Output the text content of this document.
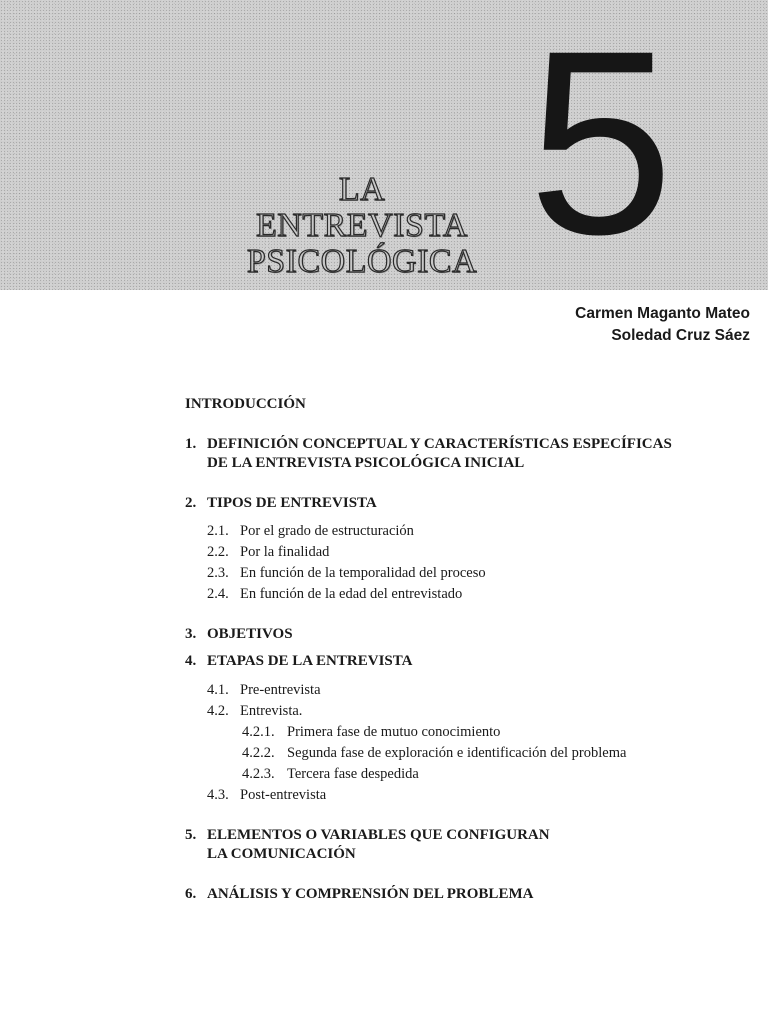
LA ENTREVISTA
PSICOLÓGICA 5
Carmen Maganto Mateo
Soledad Cruz Sáez
INTRODUCCIÓN
1. DEFINICIÓN CONCEPTUAL Y CARACTERÍSTICAS ESPECÍFICAS
DE LA ENTREVISTA PSICOLÓGICA INICIAL
2. TIPOS DE ENTREVISTA
2.1. Por el grado de estructuración
2.2. Por la finalidad
2.3. En función de la temporalidad del proceso
2.4. En función de la edad del entrevistado
3. OBJETIVOS
4. ETAPAS DE LA ENTREVISTA
4.1. Pre-entrevista
4.2. Entrevista.
4.2.1. Primera fase de mutuo conocimiento
4.2.2. Segunda fase de exploración e identificación del problema
4.2.3. Tercera fase despedida
4.3. Post-entrevista
5. ELEMENTOS O VARIABLES QUE CONFIGURAN
LA COMUNICACIÓN
6. ANÁLISIS Y COMPRENSIÓN DEL PROBLEMA
